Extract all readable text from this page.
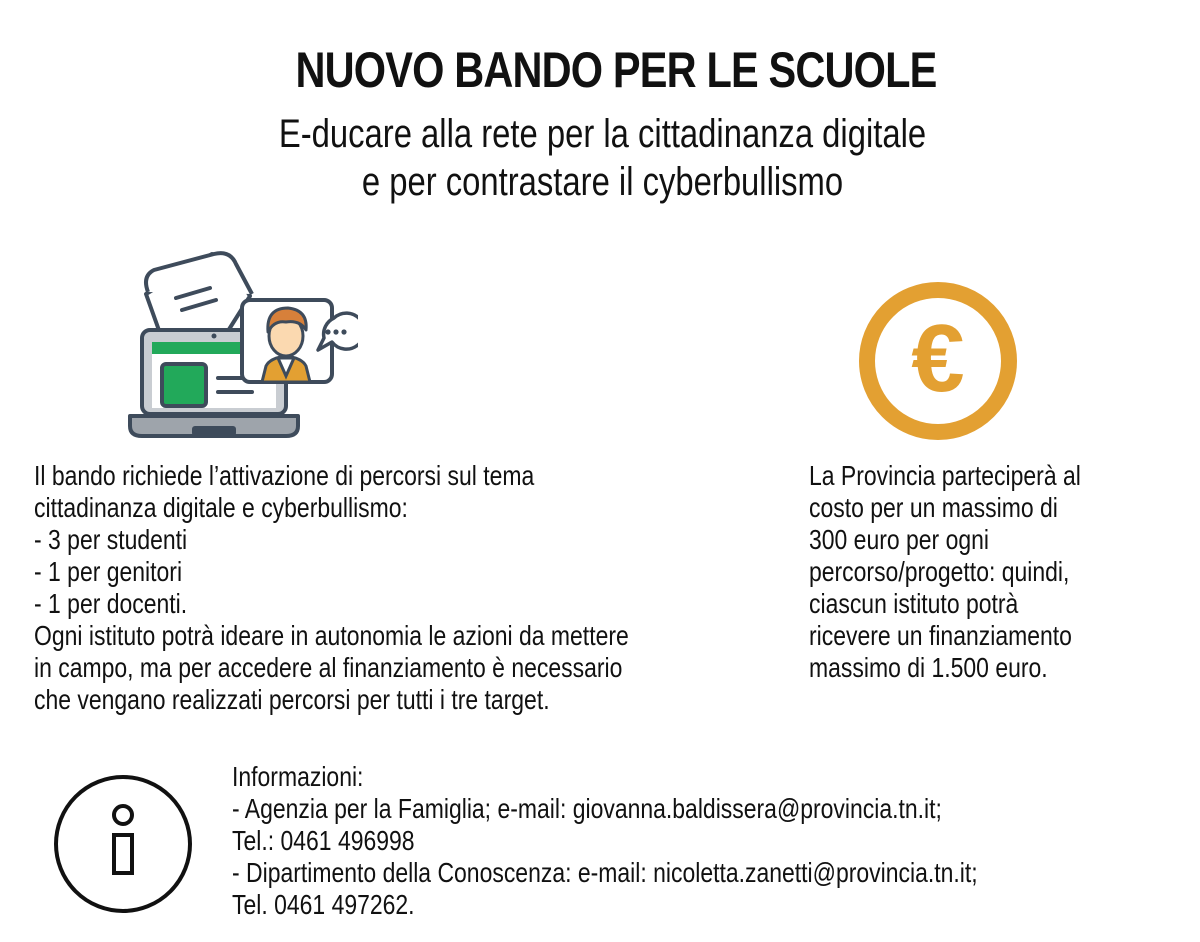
NUOVO BANDO PER LE SCUOLE
E-ducare alla rete per la cittadinanza digitale
e per contrastare il cyberbullismo
€
Il bando richiede l’attivazione di percorsi sul tema
cittadinanza digitale e cyberbullismo:
- 3 per studenti
- 1 per genitori
- 1 per docenti.
Ogni istituto potrà ideare in autonomia le azioni da mettere
in campo, ma per accedere al finanziamento è necessario
che vengano realizzati percorsi per tutti i tre target.
La Provincia parteciperà al
costo per un massimo di
300 euro per ogni
percorso/progetto: quindi,
ciascun istituto potrà
ricevere un finanziamento
massimo di 1.500 euro.
Informazioni:
- Agenzia per la Famiglia; e-mail: giovanna.baldissera@provincia.tn.it;
Tel.: 0461 496998
- Dipartimento della Conoscenza: e-mail: nicoletta.zanetti@provincia.tn.it;
Tel. 0461 497262.
